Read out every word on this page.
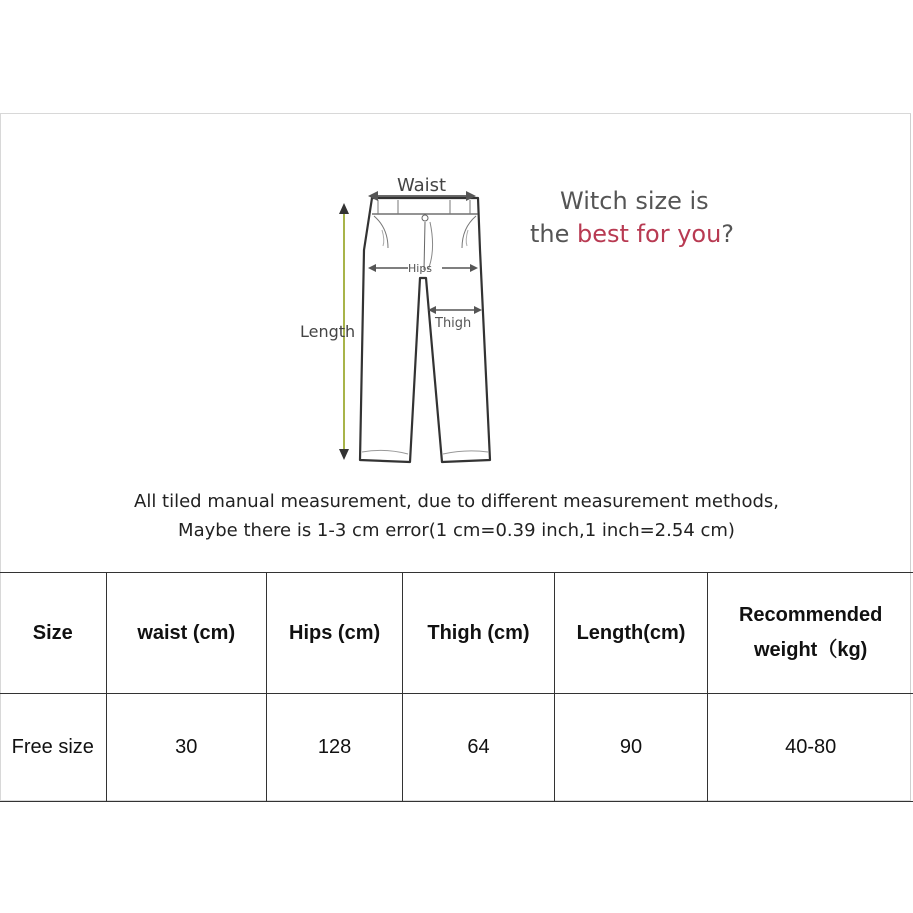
Waist
Hips
Thigh
Length
Witch size is
the best for you?
All tiled manual measurement, due to different measurement methods,
Maybe there is 1-3 cm error(1 cm=0.39 inch,1 inch=2.54 cm)
Size	waist (cm)	Hips (cm)	Thigh (cm)	Length(cm)	Recommended
weight（kg)

Free size	30	128	64	90	40-80
